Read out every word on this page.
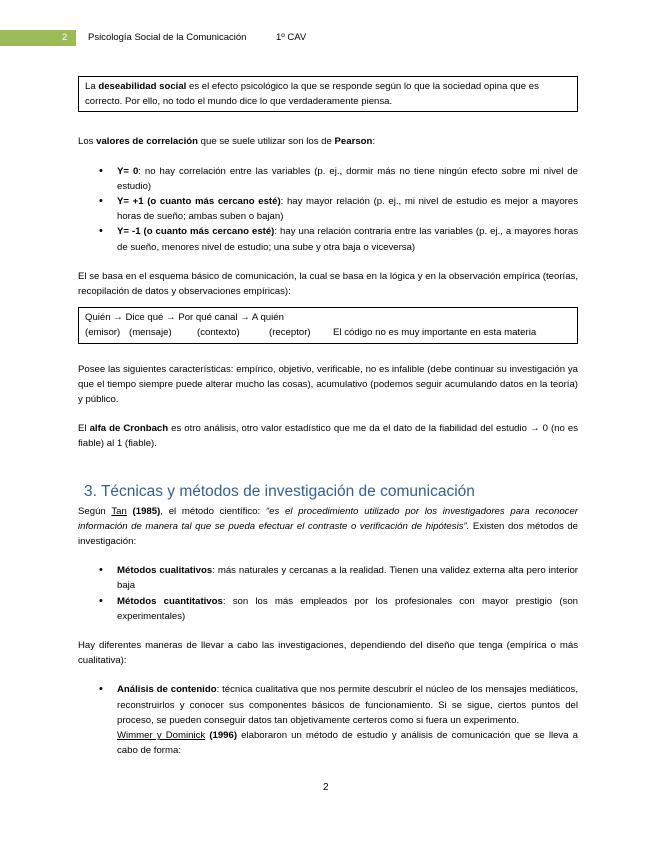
2 Psicología Social de la Comunicación	1º CAV
La deseabilidad social es el efecto psicológico la que se responde según lo que la sociedad opina que es correcto. Por ello, no todo el mundo dice lo que verdaderamente piensa.

Los valores de correlación que se suele utilizar son los de Pearson:

• Y= 0: no hay correlación entre las variables (p. ej., dormir más no tiene ningún efecto sobre mi nivel de estudio)
• Y= +1 (o cuanto más cercano esté): hay mayor relación (p. ej., mi nivel de estudio es mejor a mayores horas de sueño; ambas suben o bajan)
• Y= -1 (o cuanto más cercano esté): hay una relación contraria entre las variables (p. ej., a mayores horas de sueño, menores nivel de estudio; una sube y otra baja o viceversa)

El se basa en el esquema básico de comunicación, la cual se basa en la lógica y en la observación empírica (teorías, recopilación de datos y observaciones empíricas):

Quién → Dice qué → Por qué canal → A quién
(emisor) (mensaje)	(contexto)	(receptor)	El código no es muy importante en esta materia

Posee las siguientes características: empírico, objetivo, verificable, no es infalible (debe continuar su investigación ya que el tiempo siempre puede alterar mucho las cosas), acumulativo (podemos seguir acumulando datos en la teoría) y público.

El alfa de Cronbach es otro análisis, otro valor estadístico que me da el dato de la fiabilidad del estudio → 0 (no es fiable) al 1 (fiable).

3. Técnicas y métodos de investigación de comunicación

Según Tan (1985), el método científico: “es el procedimiento utilizado por los investigadores para reconocer información de manera tal que se pueda efectuar el contraste o verificación de hipótesis”. Existen dos métodos de investigación:

• Métodos cualitativos: más naturales y cercanas a la realidad. Tienen una validez externa alta pero interior baja
• Métodos cuantitativos: son los más empleados por los profesionales con mayor prestigio (son experimentales)

Hay diferentes maneras de llevar a cabo las investigaciones, dependiendo del diseño que tenga (empírica o más cualitativa):

• Análisis de contenido: técnica cualitativa que nos permite descubrir el núcleo de los mensajes mediáticos, reconstruirlos y conocer sus componentes básicos de funcionamiento. Si se sigue, ciertos puntos del proceso, se pueden conseguir datos tan objetivamente certeros como si fuera un experimento.
Wimmer y Dominick (1996) elaboraron un método de estudio y análisis de comunicación que se lleva a cabo de forma:
2
